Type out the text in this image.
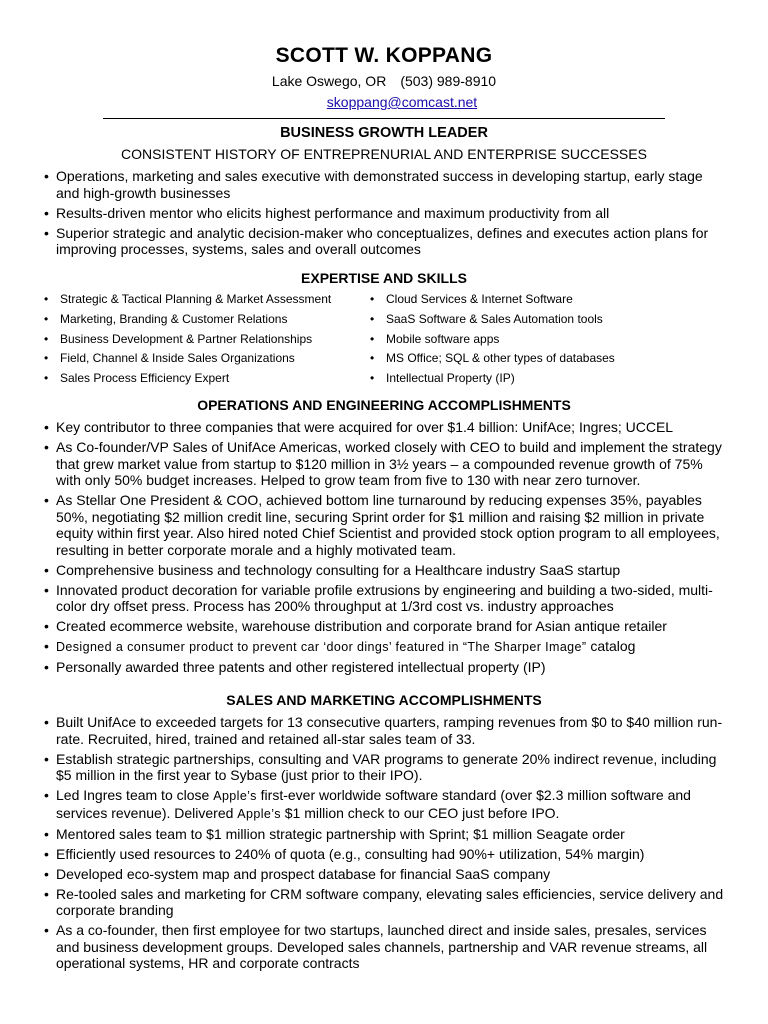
SCOTT W. KOPPANG
Lake Oswego, OR (503) 989-8910
skoppang@comcast.net
BUSINESS GROWTH LEADER
CONSISTENT HISTORY OF ENTREPRENURIAL AND ENTERPRISE SUCCESSES
• Operations, marketing and sales executive with demonstrated success in developing startup, early stage and high-growth businesses
• Results-driven mentor who elicits highest performance and maximum productivity from all
• Superior strategic and analytic decision-maker who conceptualizes, defines and executes action plans for improving processes, systems, sales and overall outcomes
EXPERTISE AND SKILLS
• Strategic & Tactical Planning & Market Assessment
• Marketing, Branding & Customer Relations
• Business Development & Partner Relationships
• Field, Channel & Inside Sales Organizations
• Sales Process Efficiency Expert
• Cloud Services & Internet Software
• SaaS Software & Sales Automation tools
• Mobile software apps
• MS Office; SQL & other types of databases
• Intellectual Property (IP)
OPERATIONS AND ENGINEERING ACCOMPLISHMENTS
• Key contributor to three companies that were acquired for over $1.4 billion: UnifAce; Ingres; UCCEL
• As Co-founder/VP Sales of UnifAce Americas, worked closely with CEO to build and implement the strategy that grew market value from startup to $120 million in 3½ years – a compounded revenue growth of 75% with only 50% budget increases. Helped to grow team from five to 130 with near zero turnover.
• As Stellar One President & COO, achieved bottom line turnaround by reducing expenses 35%, payables 50%, negotiating $2 million credit line, securing Sprint order for $1 million and raising $2 million in private equity within first year. Also hired noted Chief Scientist and provided stock option program to all employees, resulting in better corporate morale and a highly motivated team.
• Comprehensive business and technology consulting for a Healthcare industry SaaS startup
• Innovated product decoration for variable profile extrusions by engineering and building a two-sided, multi-color dry offset press. Process has 200% throughput at 1/3rd cost vs. industry approaches
• Created ecommerce website, warehouse distribution and corporate brand for Asian antique retailer
• Designed a consumer product to prevent car ‘door dings’ featured in “The Sharper Image” catalog
• Personally awarded three patents and other registered intellectual property (IP)
SALES AND MARKETING ACCOMPLISHMENTS
• Built UnifAce to exceeded targets for 13 consecutive quarters, ramping revenues from $0 to $40 million run-rate. Recruited, hired, trained and retained all-star sales team of 33.
• Establish strategic partnerships, consulting and VAR programs to generate 20% indirect revenue, including $5 million in the first year to Sybase (just prior to their IPO).
• Led Ingres team to close Apple’s first-ever worldwide software standard (over $2.3 million software and services revenue). Delivered Apple’s $1 million check to our CEO just before IPO.
• Mentored sales team to $1 million strategic partnership with Sprint; $1 million Seagate order
• Efficiently used resources to 240% of quota (e.g., consulting had 90%+ utilization, 54% margin)
• Developed eco-system map and prospect database for financial SaaS company
• Re-tooled sales and marketing for CRM software company, elevating sales efficiencies, service delivery and corporate branding
• As a co-founder, then first employee for two startups, launched direct and inside sales, presales, services and business development groups. Developed sales channels, partnership and VAR revenue streams, all operational systems, HR and corporate contracts
